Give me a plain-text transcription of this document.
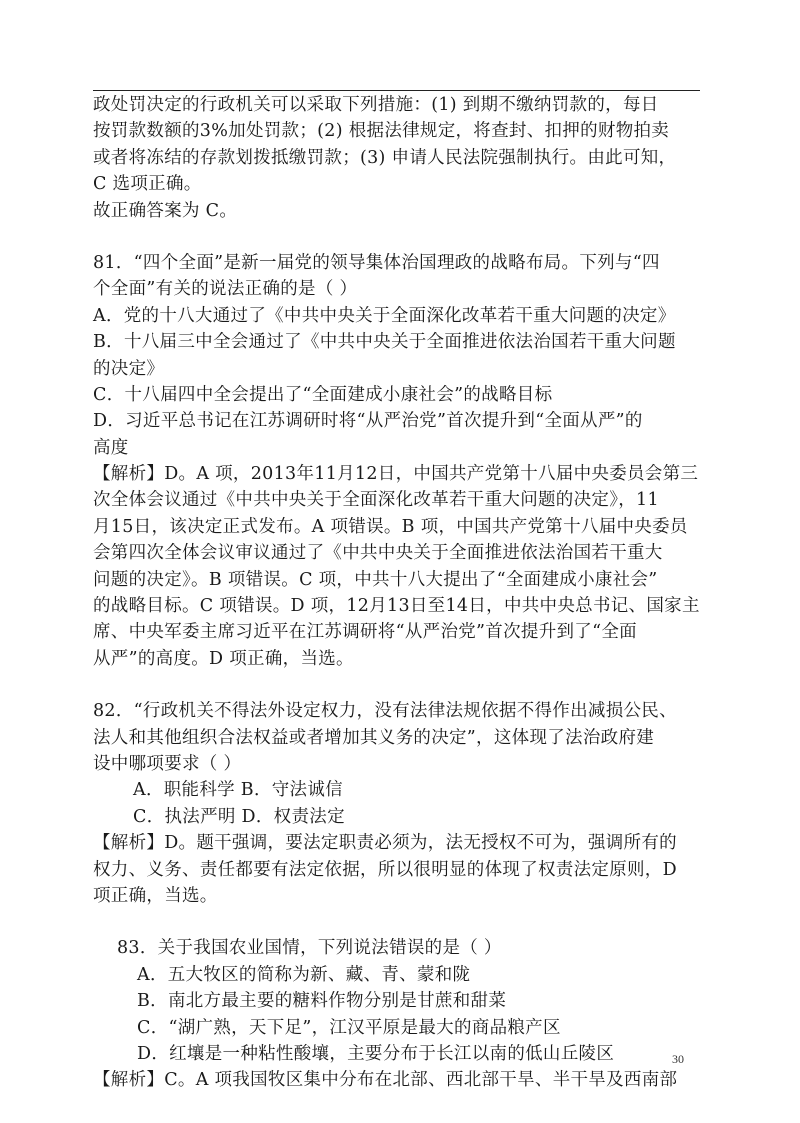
政处罚决定的行政机关可以采取下列措施：(1) 到期不缴纳罚款的，每日
按罚款数额的3%加处罚款；(2) 根据法律规定，将查封、扣押的财物拍卖
或者将冻结的存款划拨抵缴罚款；(3) 申请人民法院强制执行。由此可知，
C 选项正确。
故正确答案为 C。
81．“四个全面”是新一届党的领导集体治国理政的战略布局。下列与“四
个全面”有关的说法正确的是（ ）
A．党的十八大通过了《中共中央关于全面深化改革若干重大问题的决定》
B．十八届三中全会通过了《中共中央关于全面推进依法治国若干重大问题
的决定》
C．十八届四中全会提出了“全面建成小康社会”的战略目标
D．习近平总书记在江苏调研时将“从严治党”首次提升到“全面从严”的
高度
【解析】D。A 项，2013年11月12日，中国共产党第十八届中央委员会第三
次全体会议通过《中共中央关于全面深化改革若干重大问题的决定》，11
月15日，该决定正式发布。A 项错误。B 项，中国共产党第十八届中央委员
会第四次全体会议审议通过了《中共中央关于全面推进依法治国若干重大
问题的决定》。B 项错误。C 项，中共十八大提出了“全面建成小康社会”
的战略目标。C 项错误。D 项，12月13日至14日，中共中央总书记、国家主
席、中央军委主席习近平在江苏调研将“从严治党”首次提升到了“全面
从严”的高度。D 项正确，当选。
82．“行政机关不得法外设定权力，没有法律法规依据不得作出减损公民、
法人和其他组织合法权益或者增加其义务的决定”，这体现了法治政府建
设中哪项要求（ ）
A．职能科学 B．守法诚信
C．执法严明 D．权责法定
【解析】D。题干强调，要法定职责必须为，法无授权不可为，强调所有的
权力、义务、责任都要有法定依据，所以很明显的体现了权责法定原则，D
项正确，当选。
83．关于我国农业国情，下列说法错误的是（ ）
A．五大牧区的简称为新、藏、青、蒙和陇
B．南北方最主要的糖料作物分别是甘蔗和甜菜
C．“湖广熟，天下足”，江汉平原是最大的商品粮产区
D．红壤是一种粘性酸壤，主要分布于长江以南的低山丘陵区
【解析】C。A 项我国牧区集中分布在北部、西北部干旱、半干旱及西南部
30
